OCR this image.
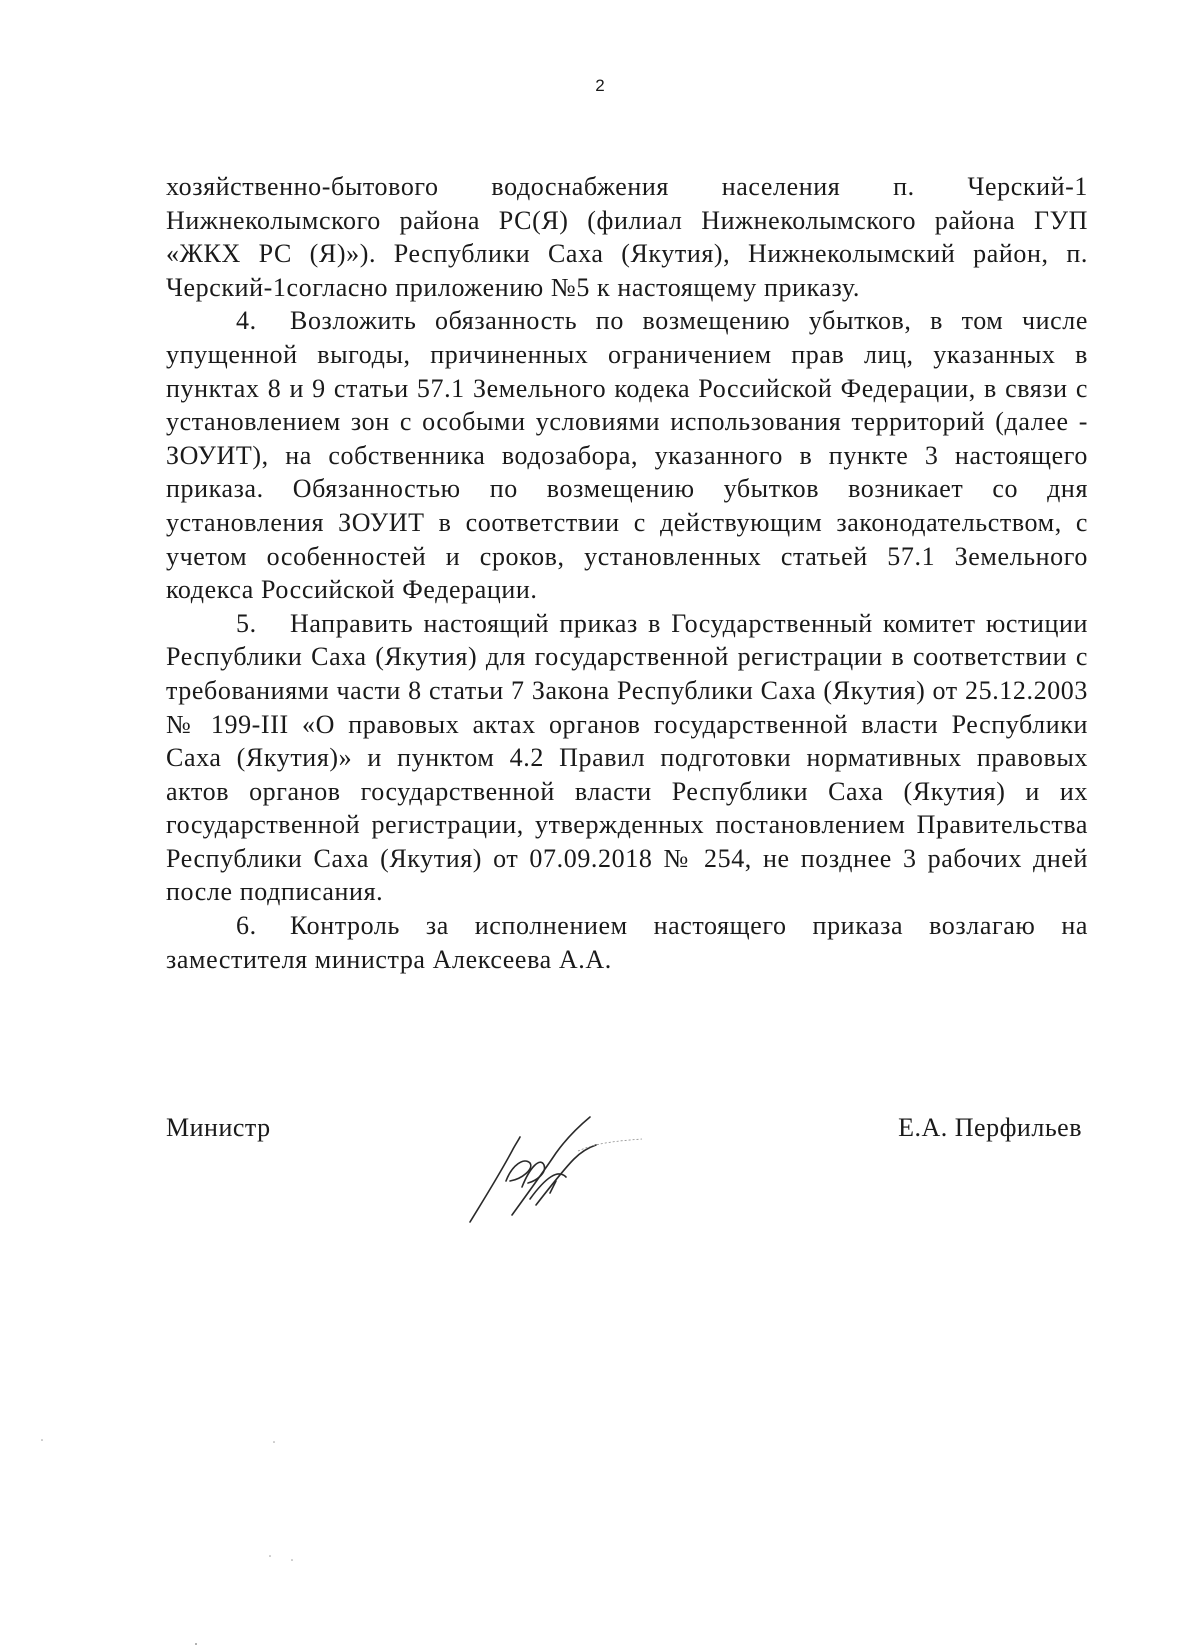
2

хозяйственно-бытового водоснабжения населения п. Черский-1 Нижнеколымского района РС(Я) (филиал Нижнеколымского района ГУП «ЖКХ РС (Я)»). Республики Саха (Якутия), Нижнеколымский район, п. Черский-1согласно приложению №5 к настоящему приказу.

4. Возложить обязанность по возмещению убытков, в том числе упущенной выгоды, причиненных ограничением прав лиц, указанных в пунктах 8 и 9 статьи 57.1 Земельного кодека Российской Федерации, в связи с установлением зон с особыми условиями использования территорий (далее - ЗОУИТ), на собственника водозабора, указанного в пункте 3 настоящего приказа. Обязанностью по возмещению убытков возникает со дня установления ЗОУИТ в соответствии с действующим законодательством, с учетом особенностей и сроков, установленных статьей 57.1 Земельного кодекса Российской Федерации.

5. Направить настоящий приказ в Государственный комитет юстиции Республики Саха (Якутия) для государственной регистрации в соответствии с требованиями части 8 статьи 7 Закона Республики Саха (Якутия) от 25.12.2003 № 199-III «О правовых актах органов государственной власти Республики Саха (Якутия)» и пунктом 4.2 Правил подготовки нормативных правовых актов органов государственной власти Республики Саха (Якутия) и их государственной регистрации, утвержденных постановлением Правительства Республики Саха (Якутия) от 07.09.2018 № 254, не позднее 3 рабочих дней после подписания.

6. Контроль за исполнением настоящего приказа возлагаю на заместителя министра Алексеева А.А.

Министр	Е.А. Перфильев
